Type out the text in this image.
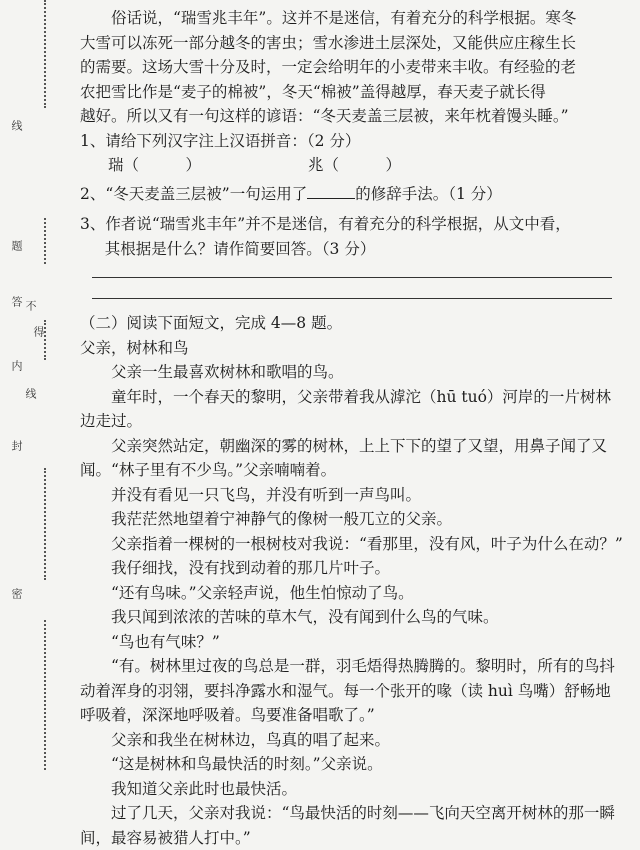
线
题
答 不
得
内
线
封
密

俗话说，“瑞雪兆丰年”。这并不是迷信，有着充分的科学根据。寒冬

大雪可以冻死一部分越冬的害虫；雪水渗进土层深处，又能供应庄稼生长

的需要。这场大雪十分及时，一定会给明年的小麦带来丰收。有经验的老

农把雪比作是“麦子的棉被”，冬天“棉被”盖得越厚，春天麦子就长得

越好。所以又有一句这样的谚语：“冬天麦盖三层被，来年枕着馒头睡。”

1、请给下列汉字注上汉语拼音：（2 分）

瑞（　　　）	兆（　　　）

2、“冬天麦盖三层被”一句运用了	的修辞手法。（1 分）

3、作者说“瑞雪兆丰年”并不是迷信，有着充分的科学根据，从文中看，

其根据是什么？请作简要回答。（3 分）

（二）阅读下面短文，完成 4—8 题。

父亲，树林和鸟

父亲一生最喜欢树林和歌唱的鸟。

童年时，一个春天的黎明，父亲带着我从滹沱（hū tuó）河岸的一片树林边走过。

父亲突然站定，朝幽深的雾的树林，上上下下的望了又望，用鼻子闻了又闻。“林子里有不少鸟。”父亲喃喃着。

并没有看见一只飞鸟，并没有听到一声鸟叫。

我茫茫然地望着宁神静气的像树一般兀立的父亲。

父亲指着一棵树的一根树枝对我说：“看那里，没有风，叶子为什么在动？”

我仔细找，没有找到动着的那几片叶子。

“还有鸟味。”父亲轻声说，他生怕惊动了鸟。

我只闻到浓浓的苦味的草木气，没有闻到什么鸟的气味。

“鸟也有气味？”

“有。树林里过夜的鸟总是一群，羽毛焐得热腾腾的。黎明时，所有的鸟抖动着浑身的羽翎，要抖净露水和湿气。每一个张开的喙（读 huì 鸟嘴）舒畅地呼吸着，深深地呼吸着。鸟要准备唱歌了。”

父亲和我坐在树林边，鸟真的唱了起来。

“这是树林和鸟最快活的时刻。”父亲说。

我知道父亲此时也最快活。

过了几天，父亲对我说：“鸟最快活的时刻——飞向天空离开树林的那一瞬间，最容易被猎人打中。”
